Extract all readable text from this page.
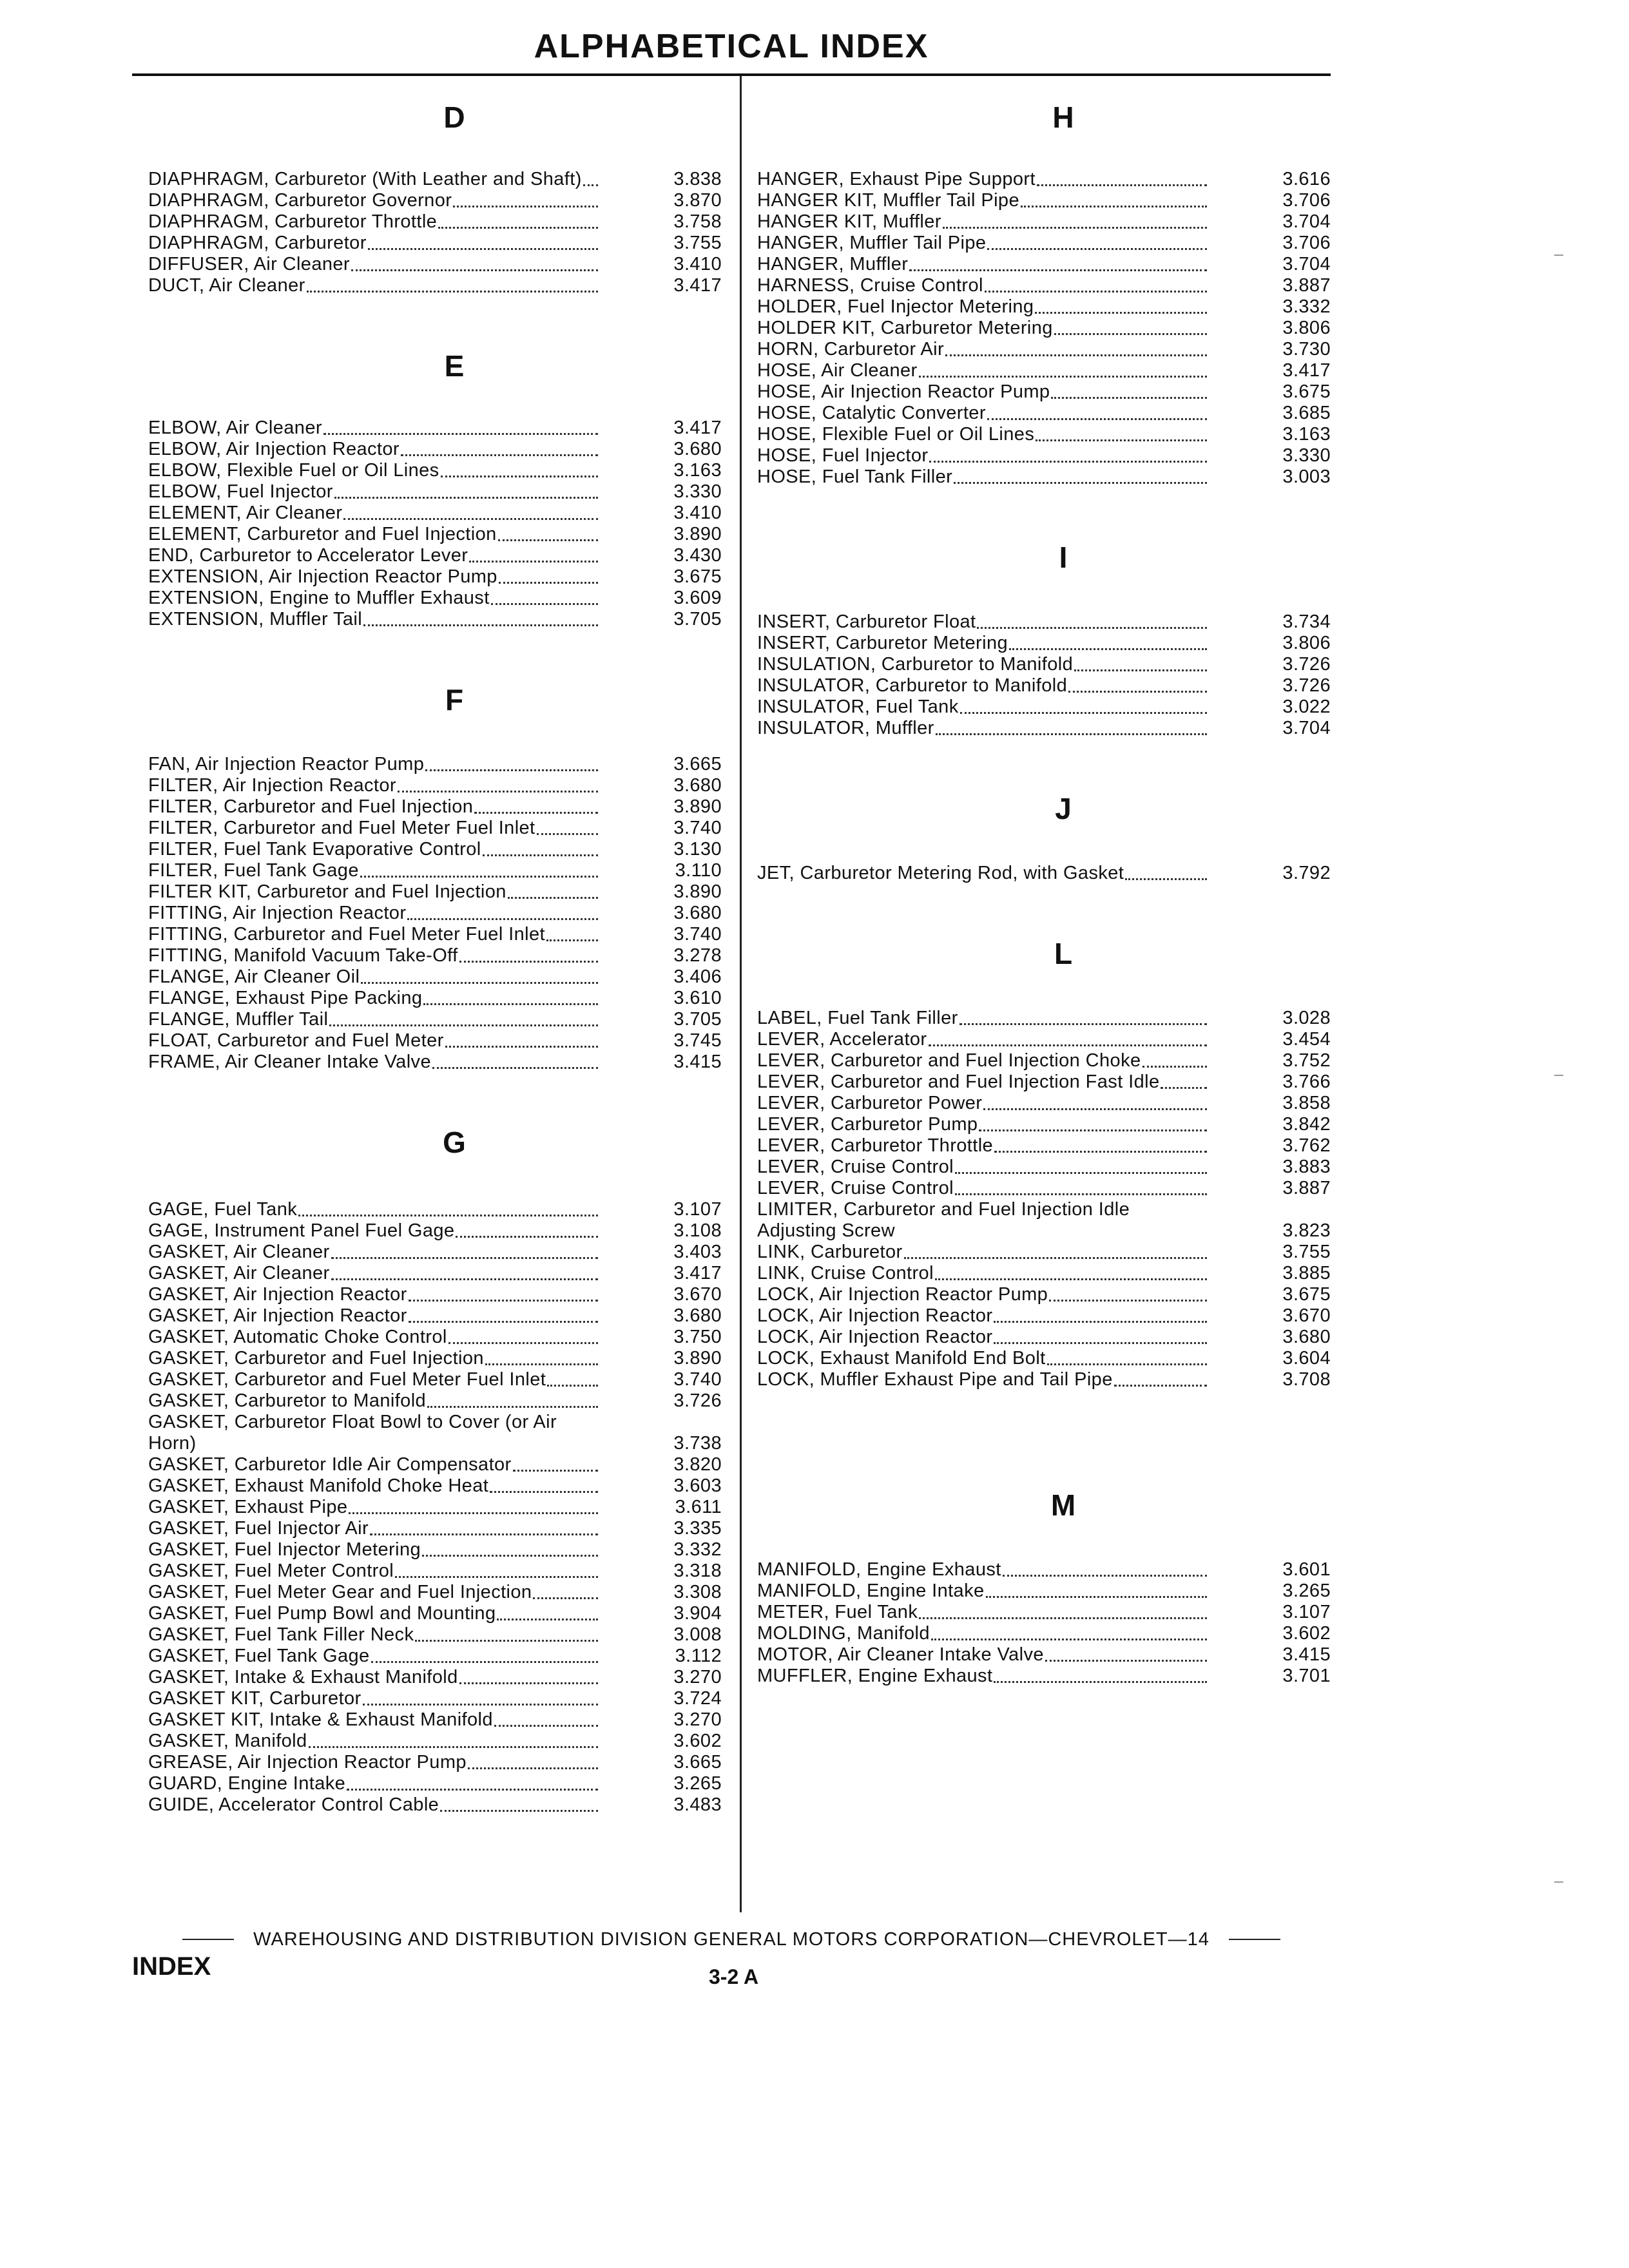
ALPHABETICAL INDEX
D
DIAPHRAGM, Carburetor (With Leather and Shaft)	3.838
DIAPHRAGM, Carburetor Governor	3.870
DIAPHRAGM, Carburetor Throttle	3.758
DIAPHRAGM, Carburetor	3.755
DIFFUSER, Air Cleaner	3.410
DUCT, Air Cleaner	3.417
E
ELBOW, Air Cleaner	3.417
ELBOW, Air Injection Reactor	3.680
ELBOW, Flexible Fuel or Oil Lines	3.163
ELBOW, Fuel Injector	3.330
ELEMENT, Air Cleaner	3.410
ELEMENT, Carburetor and Fuel Injection	3.890
END, Carburetor to Accelerator Lever	3.430
EXTENSION, Air Injection Reactor Pump	3.675
EXTENSION, Engine to Muffler Exhaust	3.609
EXTENSION, Muffler Tail	3.705
F
FAN, Air Injection Reactor Pump	3.665
FILTER, Air Injection Reactor	3.680
FILTER, Carburetor and Fuel Injection	3.890
FILTER, Carburetor and Fuel Meter Fuel Inlet	3.740
FILTER, Fuel Tank Evaporative Control	3.130
FILTER, Fuel Tank Gage	3.110
FILTER KIT, Carburetor and Fuel Injection	3.890
FITTING, Air Injection Reactor	3.680
FITTING, Carburetor and Fuel Meter Fuel Inlet	3.740
FITTING, Manifold Vacuum Take-Off	3.278
FLANGE, Air Cleaner Oil	3.406
FLANGE, Exhaust Pipe Packing	3.610
FLANGE, Muffler Tail	3.705
FLOAT, Carburetor and Fuel Meter	3.745
FRAME, Air Cleaner Intake Valve	3.415
G
GAGE, Fuel Tank	3.107
GAGE, Instrument Panel Fuel Gage	3.108
GASKET, Air Cleaner	3.403
GASKET, Air Cleaner	3.417
GASKET, Air Injection Reactor	3.670
GASKET, Air Injection Reactor	3.680
GASKET, Automatic Choke Control	3.750
GASKET, Carburetor and Fuel Injection	3.890
GASKET, Carburetor and Fuel Meter Fuel Inlet	3.740
GASKET, Carburetor to Manifold	3.726
GASKET, Carburetor Float Bowl to Cover (or Air Horn)	3.738
GASKET, Carburetor Idle Air Compensator	3.820
GASKET, Exhaust Manifold Choke Heat	3.603
GASKET, Exhaust Pipe	3.611
GASKET, Fuel Injector Air	3.335
GASKET, Fuel Injector Metering	3.332
GASKET, Fuel Meter Control	3.318
GASKET, Fuel Meter Gear and Fuel Injection	3.308
GASKET, Fuel Pump Bowl and Mounting	3.904
GASKET, Fuel Tank Filler Neck	3.008
GASKET, Fuel Tank Gage	3.112
GASKET, Intake & Exhaust Manifold	3.270
GASKET KIT, Carburetor	3.724
GASKET KIT, Intake & Exhaust Manifold	3.270
GASKET, Manifold	3.602
GREASE, Air Injection Reactor Pump	3.665
GUARD, Engine Intake	3.265
GUIDE, Accelerator Control Cable	3.483
H
HANGER, Exhaust Pipe Support	3.616
HANGER KIT, Muffler Tail Pipe	3.706
HANGER KIT, Muffler	3.704
HANGER, Muffler Tail Pipe	3.706
HANGER, Muffler	3.704
HARNESS, Cruise Control	3.887
HOLDER, Fuel Injector Metering	3.332
HOLDER KIT, Carburetor Metering	3.806
HORN, Carburetor Air	3.730
HOSE, Air Cleaner	3.417
HOSE, Air Injection Reactor Pump	3.675
HOSE, Catalytic Converter	3.685
HOSE, Flexible Fuel or Oil Lines	3.163
HOSE, Fuel Injector	3.330
HOSE, Fuel Tank Filler	3.003
I
INSERT, Carburetor Float	3.734
INSERT, Carburetor Metering	3.806
INSULATION, Carburetor to Manifold	3.726
INSULATOR, Carburetor to Manifold	3.726
INSULATOR, Fuel Tank	3.022
INSULATOR, Muffler	3.704
J
JET, Carburetor Metering Rod, with Gasket	3.792
L
LABEL, Fuel Tank Filler	3.028
LEVER, Accelerator	3.454
LEVER, Carburetor and Fuel Injection Choke	3.752
LEVER, Carburetor and Fuel Injection Fast Idle	3.766
LEVER, Carburetor Power	3.858
LEVER, Carburetor Pump	3.842
LEVER, Carburetor Throttle	3.762
LEVER, Cruise Control	3.883
LEVER, Cruise Control	3.887
LIMITER, Carburetor and Fuel Injection Idle Adjusting Screw	3.823
LINK, Carburetor	3.755
LINK, Cruise Control	3.885
LOCK, Air Injection Reactor Pump	3.675
LOCK, Air Injection Reactor	3.670
LOCK, Air Injection Reactor	3.680
LOCK, Exhaust Manifold End Bolt	3.604
LOCK, Muffler Exhaust Pipe and Tail Pipe	3.708
M
MANIFOLD, Engine Exhaust	3.601
MANIFOLD, Engine Intake	3.265
METER, Fuel Tank	3.107
MOLDING, Manifold	3.602
MOTOR, Air Cleaner Intake Valve	3.415
MUFFLER, Engine Exhaust	3.701
WAREHOUSING AND DISTRIBUTION DIVISION GENERAL MOTORS CORPORATION—CHEVROLET—14
INDEX	3-2 A
